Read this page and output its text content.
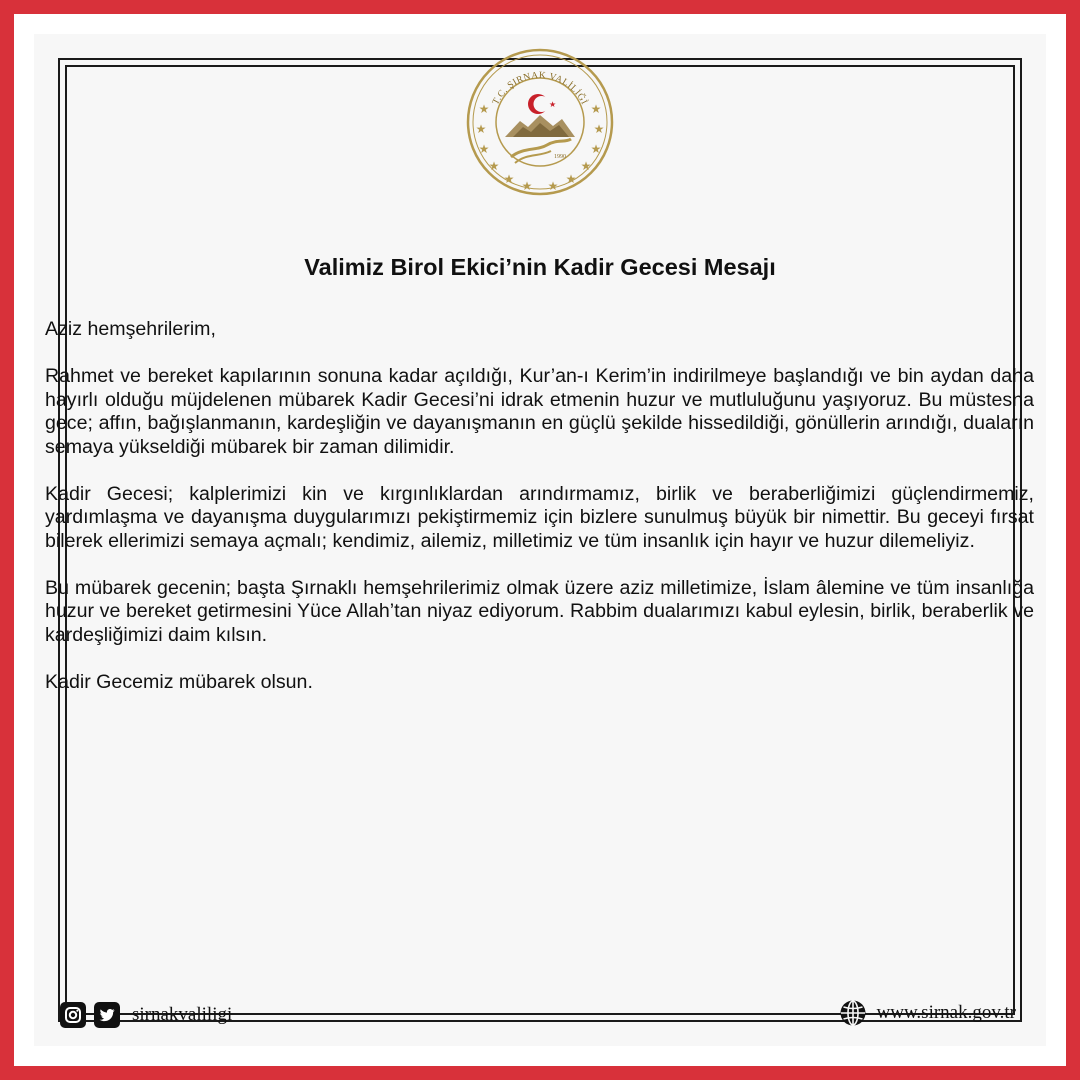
★
★
★
★ ★ ★ ★
★
★
★
★
★
T.C. ŞIRNAK VALİLİĞİ
★
1990
Valimiz Birol Ekici’nin Kadir Gecesi Mesajı

Aziz hemşehrilerim,

Rahmet ve bereket kapılarının sonuna kadar açıldığı, Kur’an-ı Kerim’in indirilmeye başlandığı ve bin aydan daha hayırlı olduğu müjdelenen mübarek Kadir Gecesi’ni idrak etmenin huzur ve mutluluğunu yaşıyoruz. Bu müstesna gece; affın, bağışlanmanın, kardeşliğin ve dayanışmanın en güçlü şekilde hissedildiği, gönüllerin arındığı, duaların semaya yükseldiği mübarek bir zaman dilimidir.

Kadir Gecesi; kalplerimizi kin ve kırgınlıklardan arındırmamız, birlik ve beraberliğimizi güçlendirmemiz, yardımlaşma ve dayanışma duygularımızı pekiştirmemiz için bizlere sunulmuş büyük bir nimettir. Bu geceyi fırsat bilerek ellerimizi semaya açmalı; kendimiz, ailemiz, milletimiz ve tüm insanlık için hayır ve huzur dilemeliyiz.

Bu mübarek gecenin; başta Şırnaklı hemşehrilerimiz olmak üzere aziz milletimize, İslam âlemine ve tüm insanlığa huzur ve bereket getirmesini Yüce Allah’tan niyaz ediyorum. Rabbim dualarımızı kabul eylesin, birlik, beraberlik ve kardeşliğimizi daim kılsın.

Kadir Gecemiz mübarek olsun.

sirnakvaliligi	www.sirnak.gov.tr
